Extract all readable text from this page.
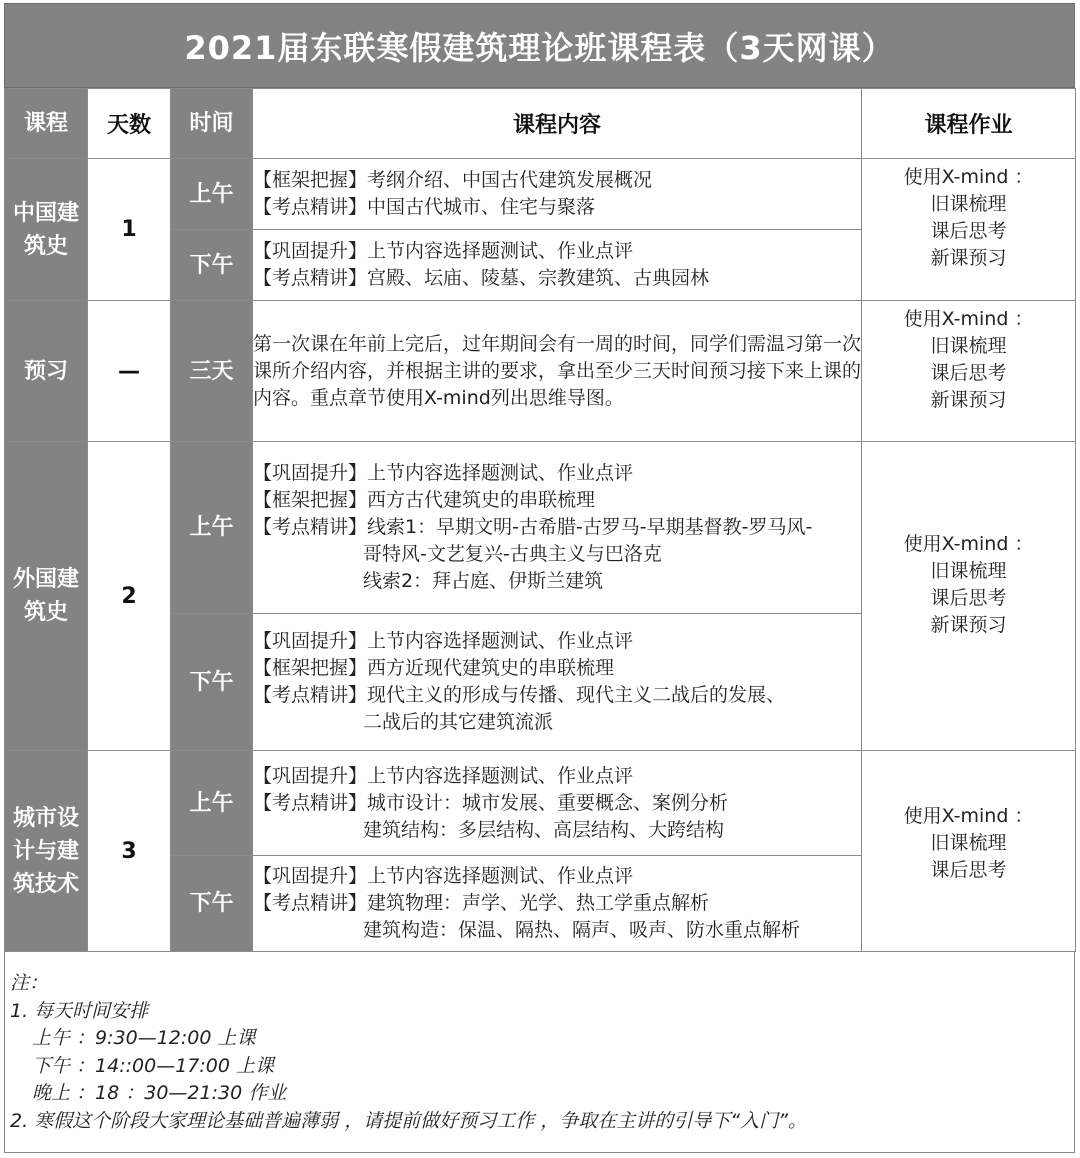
2021届东联寒假建筑理论班课程表（3天网课）
课程	天数	时间	课程内容	课程作业

中国建
筑史	1	上午	【框架把握】考纲介绍、中国古代建筑发展概况
【考点精讲】中国古代城市、住宅与聚落	使用X-mind ：
旧课梳理
课后思考
新课预习

		下午	【巩固提升】上节内容选择题测试、作业点评
【考点精讲】宫殿、坛庙、陵墓、宗教建筑、古典园林	

预习	—	三天	第一次课在年前上完后，过年期间会有一周的时间，同学们需温习第一次课所介绍内容，并根据主讲的要求，拿出至少三天时间预习接下来上课的内容。重点章节使用X-mind列出思维导图。	使用X-mind ：
旧课梳理
课后思考
新课预习

外国建
筑史	2	上午	【巩固提升】上节内容选择题测试、作业点评
【框架把握】西方古代建筑史的串联梳理
【考点精讲】线索1：早期文明-古希腊-古罗马-早期基督教-罗马风-
哥特风-文艺复兴-古典主义与巴洛克
线索2：拜占庭、伊斯兰建筑	使用X-mind ：
旧课梳理
课后思考
新课预习

		下午	【巩固提升】上节内容选择题测试、作业点评
【框架把握】西方近现代建筑史的串联梳理
【考点精讲】现代主义的形成与传播、现代主义二战后的发展、
二战后的其它建筑流派	

城市设
计与建
筑技术	3	上午	【巩固提升】上节内容选择题测试、作业点评
【考点精讲】城市设计：城市发展、重要概念、案例分析
建筑结构：多层结构、高层结构、大跨结构	使用X-mind ：
旧课梳理
课后思考

		下午	【巩固提升】上节内容选择题测试、作业点评
【考点精讲】建筑物理：声学、光学、热工学重点解析
建筑构造：保温、隔热、隔声、吸声、防水重点解析	
注：
1. 每天时间安排
上午 ：9:30—12:00 上课
下午 ：14::00—17:00 上课
晚上 ：18 ：30—21:30 作业
2. 寒假这个阶段大家理论基础普遍薄弱 ，请提前做好预习工作 ，争取在主讲的引导下“入门”。
